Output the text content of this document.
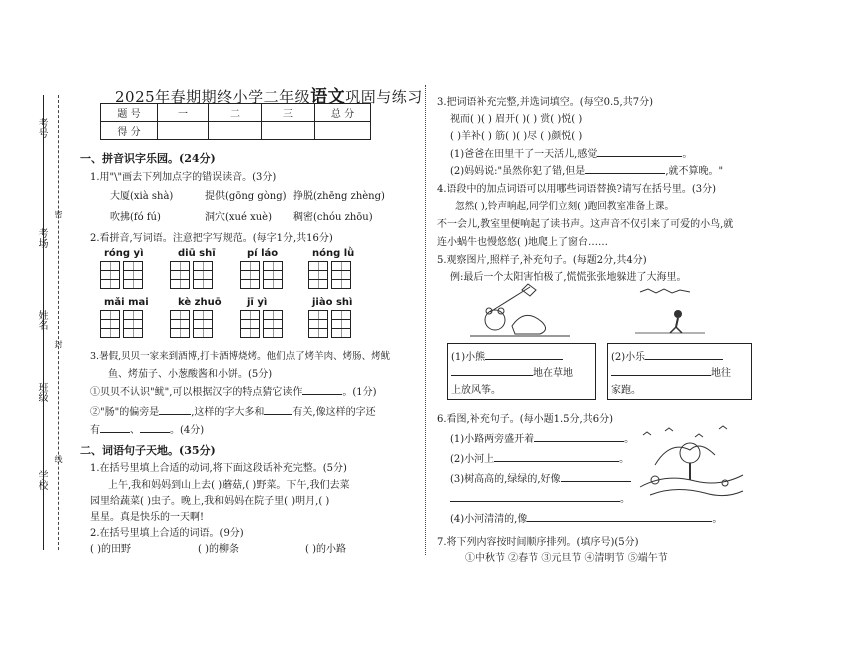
考号
考场
姓名
班级
学校
密
封
线
2025年春期期终小学二年级语文巩固与练习
题 号	一	二	三	总 分
得 分				
一、拼音识字乐园。(24分)
1.用"\"画去下列加点字的错误读音。(3分)
大厦(xià shà)	提供(gōng gòng) 挣脱(zhēng zhèng)
吹拂(fó fú)	洞穴(xué xuè) 稠密(chóu zhōu)
2.看拼音,写词语。注意把字写规范。(每字1分,共16分)
róng yì	diū shī	pí láo	nóng lǜ
mǎi mai	kè zhuō	jī yì	jiào shì
3.暑假,贝贝一家来到酒博,打卡酒博烧烤。他们点了烤羊肉、烤肠、烤鱿
鱼、烤茄子、小葱酸酱和小饼。(5分)
①贝贝不认识"鱿",可以根据汉字的特点猜它读作	。(1分)
②"肠"的偏旁是	,这样的字大多和	有关,像这样的字还
有	、	。(4分)
二、词语句子天地。(35分)
1.在括号里填上合适的动词,将下面这段话补充完整。(5分)
上午,我和妈妈到山上去( )蘑菇,( )野菜。下午,我们去菜
园里给蔬菜( )虫子。晚上,我和妈妈在院子里( )明月,( )
星星。真是快乐的一天啊!
2.在括号里填上合适的词语。(9分)
( )的田野	( )的柳条	( )的小路
3.把词语补充完整,并选词填空。(每空0.5,共7分)
视而( )( ) 眉开( )( ) 赏( )悦( )
( )羊补( ) 筋( )( )尽 ( )颜悦( )
(1)爸爸在田里干了一天活儿,感觉	。
(2)妈妈说:"虽然你犯了错,但是	,就不算晚。"
4.语段中的加点词语可以用哪些词语替换?请写在括号里。(3分)
忽然( ),铃声响起,同学们立刻( )跑回教室准备上课。
不一会儿,教室里便响起了读书声。这声音不仅引来了可爱的小鸟,就
连小蜗牛也慢悠悠( )地爬上了窗台……
5.观察图片,照样子,补充句子。(每题2分,共4分)
例:最后一个太阳害怕极了,慌慌张张地躲进了大海里。
(1)小熊
地在草地
上放风筝。
(2)小乐
地往
家跑。
6.看图,补充句子。(每小题1.5分,共6分)
(1)小路两旁盛开着	。
(2)小河上	。
(3)树高高的,绿绿的,好像
。
(4)小河清清的,像	。
7.将下列内容按时间顺序排列。(填序号)(5分)
①中秋节 ②春节 ③元旦节 ④清明节 ⑤端午节
